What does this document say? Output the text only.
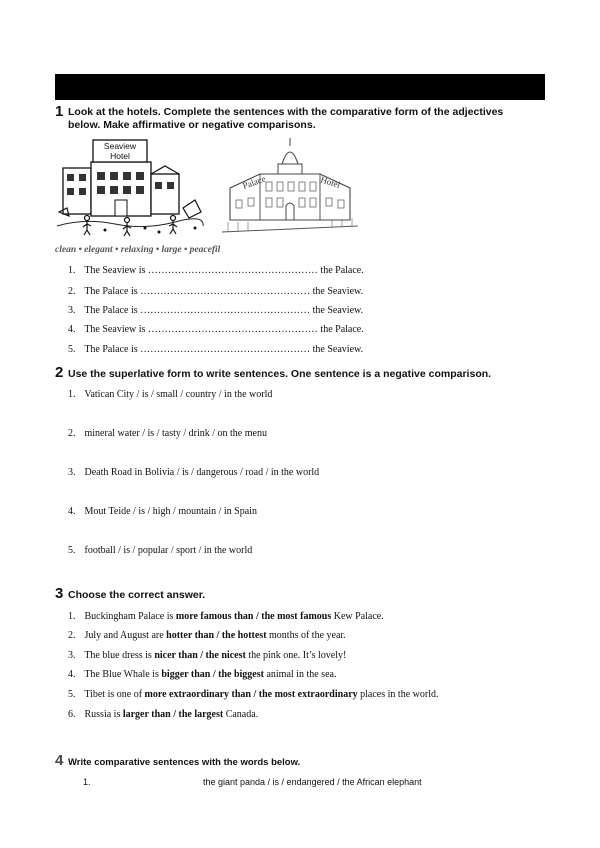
1 Look at the hotels. Complete the sentences with the comparative form of the adjectives
below. Make affirmative or negative comparisons.
Seaview
Hotel
Palace	Hotel
clean • elegant • relaxing • large • peacefil
1. The Seaview is …………………………………………… the Palace.
2. The Palace is …………………………………………… the Seaview.
3. The Palace is …………………………………………… the Seaview.
4. The Seaview is …………………………………………… the Palace.
5. The Palace is …………………………………………… the Seaview.
2 Use the superlative form to write sentences. One sentence is a negative comparison.
1. Vatican City / is / small / country / in the world
2. mineral water / is / tasty / drink / on the menu
3. Death Road in Bolivia / is / dangerous / road / in the world
4. Mout Teide / is / high / mountain / in Spain
5. football / is / popular / sport / in the world
3 Choose the correct answer.
1. Buckingham Palace is more famous than / the most famous Kew Palace.
2. July and August are hotter than / the hottest months of the year.
3. The blue dress is nicer than / the nicest the pink one. It’s lovely!
4. The Blue Whale is bigger than / the biggest animal in the sea.
5. Tibet is one of more extraordinary than / the most extraordinary places in the world.
6. Russia is larger than / the largest Canada.
4 Write comparative sentences with the words below.
1.	the giant panda / is / endangered / the African elephant
